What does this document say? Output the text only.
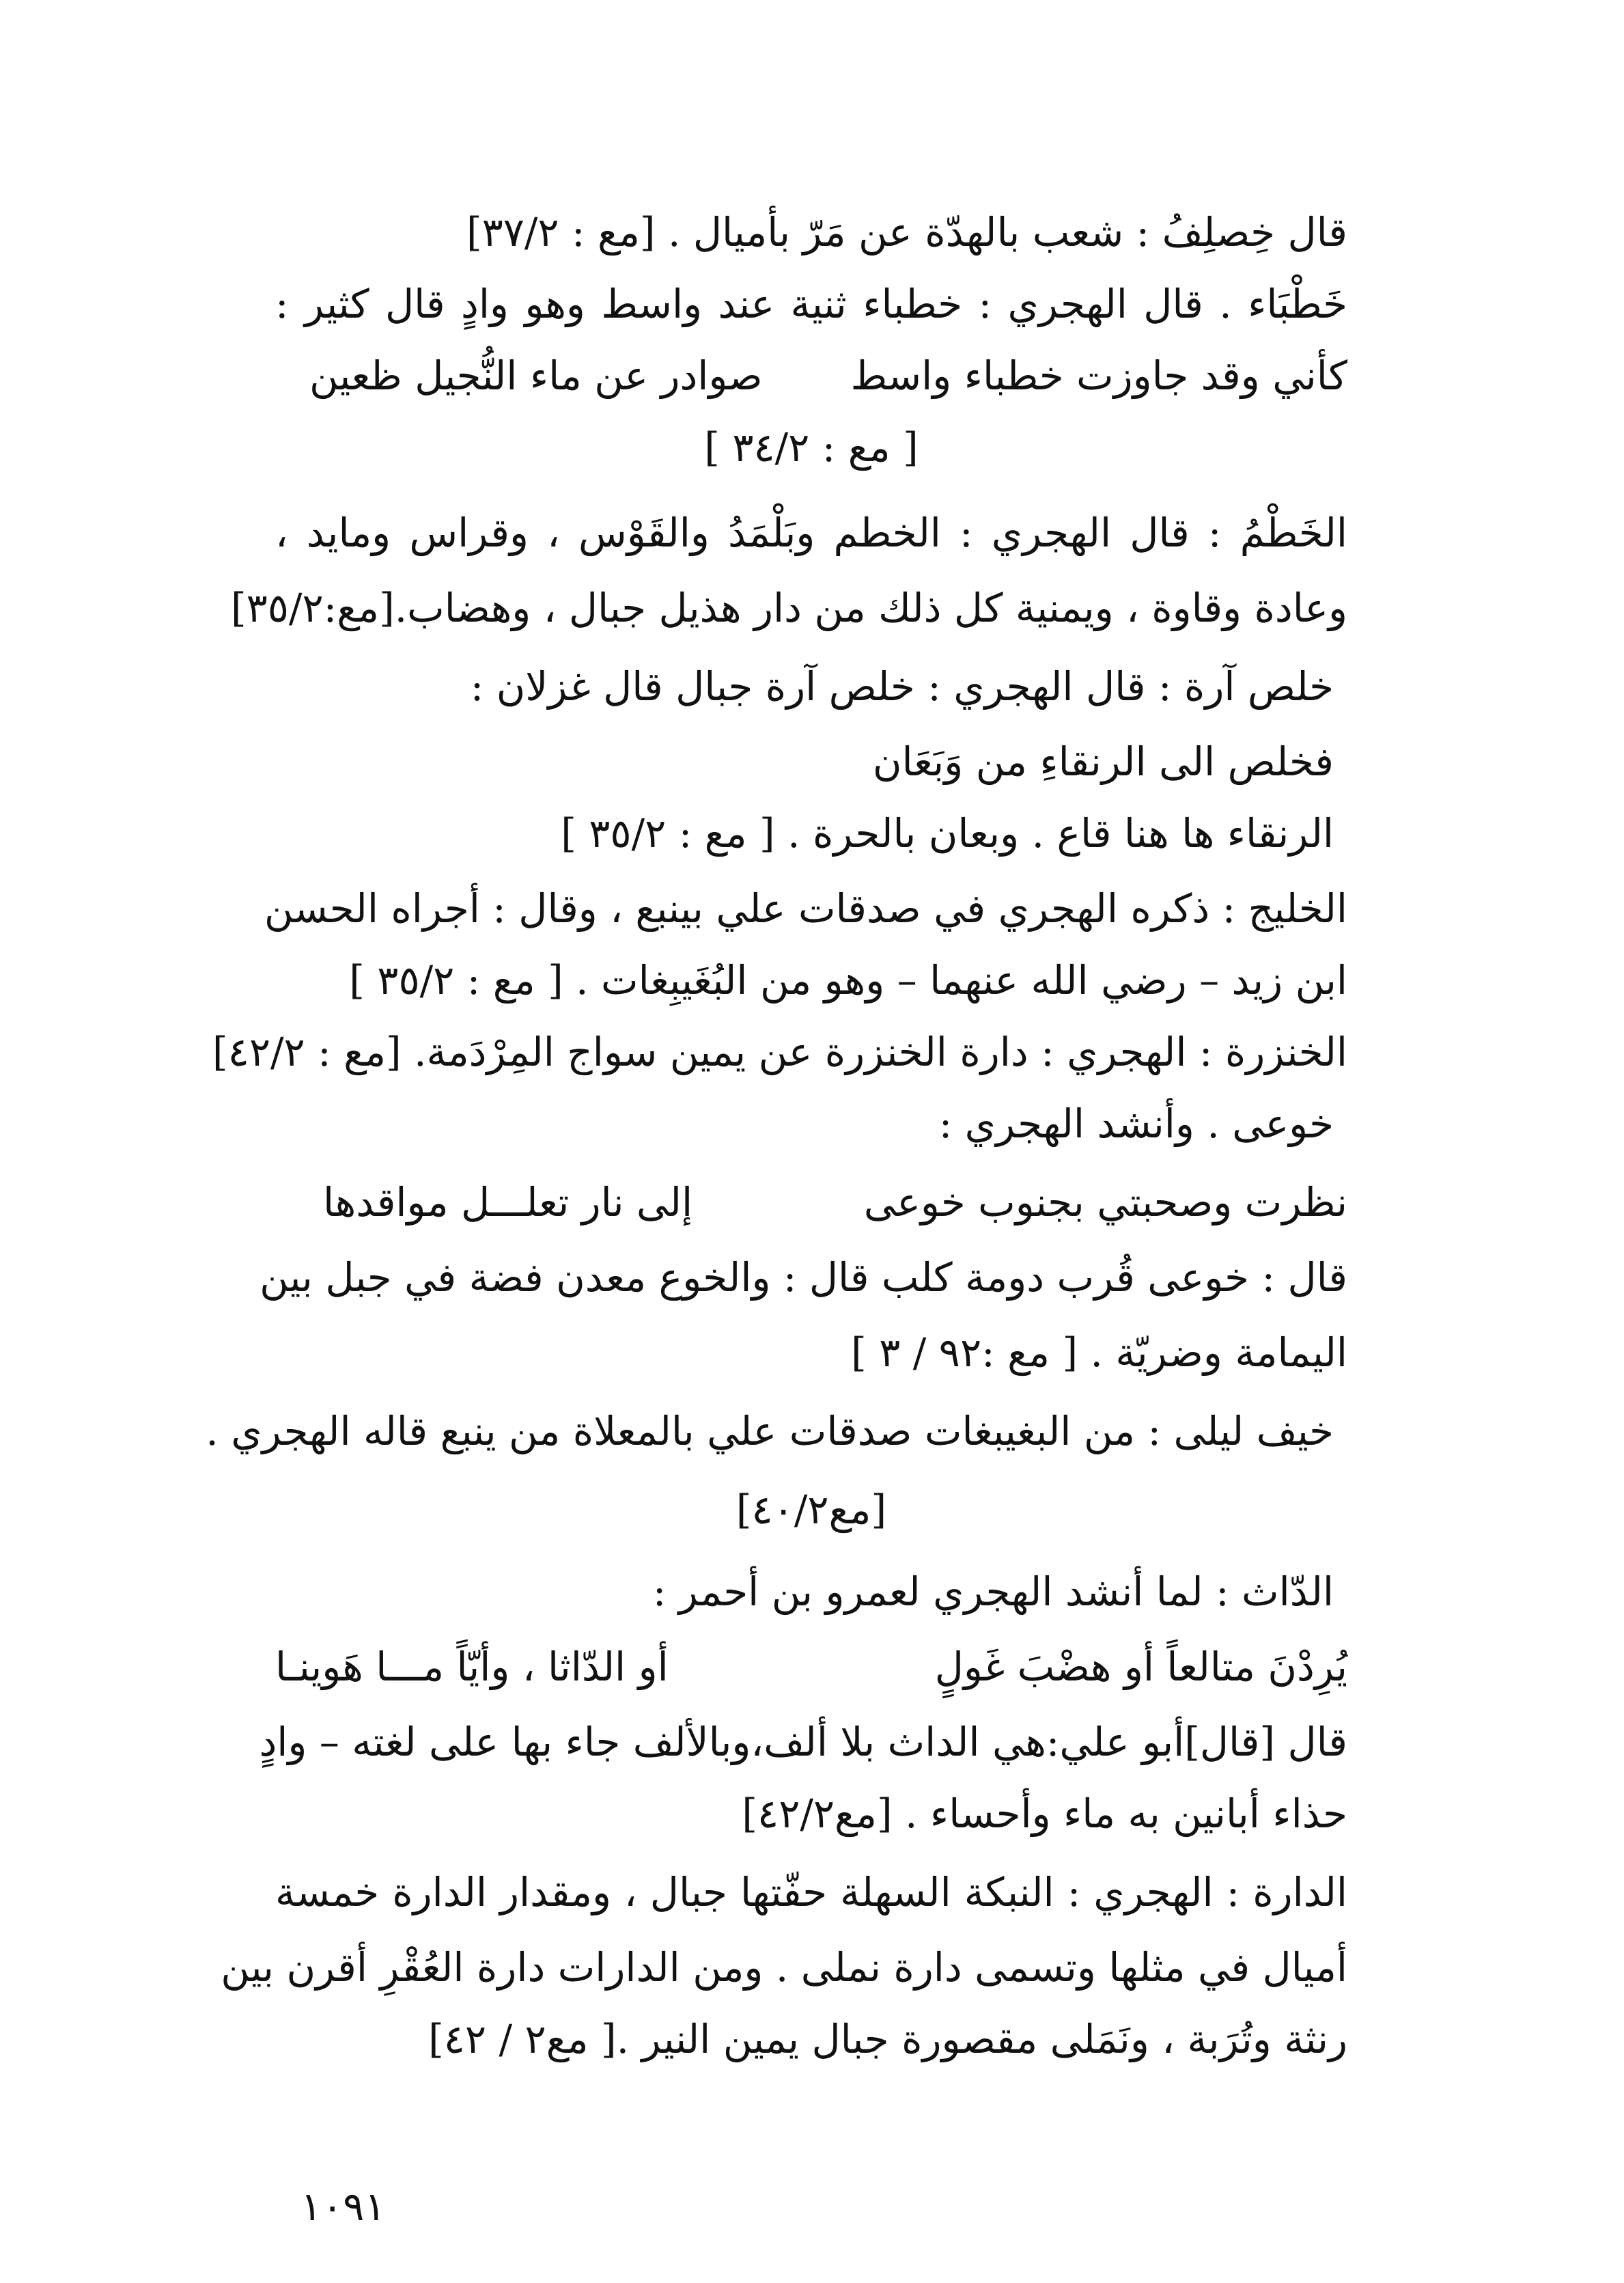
قال خِصلِفُ : شعب بالهدّة عن مَرّ بأميال . [مع : ٣٧/٢]
خَطْبَاء . قال الهجري : خطباء ثنية عند واسط وهو وادٍ قال كثير :
كأني وقد جاوزت خطباء واسط
صوادر عن ماء النُّجيل ظعين
[ مع : ٣٤/٢ ]
الخَطْمُ : قال الهجري : الخطم وبَلْمَدُ والقَوْس ، وقراس ومايد ،
وعادة وقاوة ، ويمنية كل ذلك من دار هذيل جبال ، وهضاب.[مع:٣٥/٢]
خلص آرة : قال الهجري : خلص آرة جبال قال غزلان :
فخلص الى الرنقاءِ من وَبَعَان
الرنقاء ها هنا قاع . وبعان بالحرة . [ مع : ٣٥/٢ ]
الخليج : ذكره الهجري في صدقات علي بينبع ، وقال : أجراه الحسن
ابن زيد – رضي الله عنهما – وهو من البُغَيبِغات . [ مع : ٣٥/٢ ]
الخنزرة : الهجري : دارة الخنزرة عن يمين سواج المِرْدَمة. [مع : ٤٢/٢]
خوعى . وأنشد الهجري :
نظرت وصحبتي بجنوب خوعى
إلى نار تعلـــل مواقدها
قال : خوعى قُرب دومة كلب قال : والخوع معدن فضة في جبل بين
اليمامة وضريّة . [ مع :٩٢ / ٣ ]
خيف ليلى : من البغيبغات صدقات علي بالمعلاة من ينبع قاله الهجري .
[مع٤٠/٢]
الدّاث : لما أنشد الهجري لعمرو بن أحمر :
يُرِدْنَ متالعاً أو هضْبَ غَولٍ
أو الدّاثا ، وأيّاً مـــا هَوينـا
قال [قال]أبو علي:هي الداث بلا ألف،وبالألف جاء بها على لغته – وادٍ
حذاء أبانين به ماء وأحساء . [مع٤٢/٢]
الدارة : الهجري : النبكة السهلة حفّتها جبال ، ومقدار الدارة خمسة
أميال في مثلها وتسمى دارة نملى . ومن الدارات دارة العُقْرِ أقرن بين
رنثة وتُرَبة ، ونَمَلى مقصورة جبال يمين النير .[ مع٢ / ٤٢]
١٠٩١
